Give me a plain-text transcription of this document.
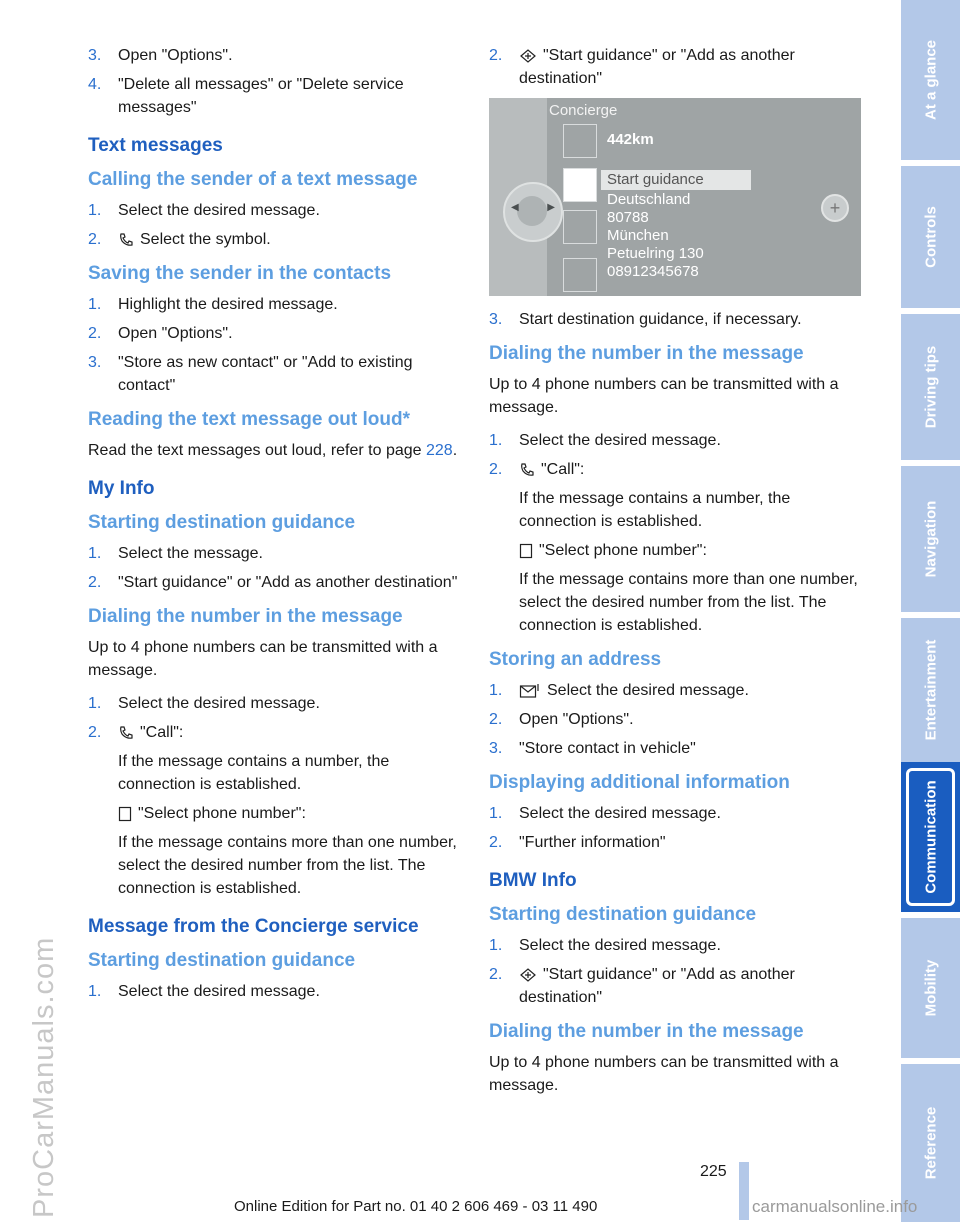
3. Open "Options".
4. "Delete all messages" or "Delete service messages"
Text messages
Calling the sender of a text message
1. Select the desired message.
2. Select the symbol.
Saving the sender in the contacts
1. Highlight the desired message.
2. Open "Options".
3. "Store as new contact" or "Add to existing contact"
Reading the text message out loud*
Read the text messages out loud, refer to page 228.
My Info
Starting destination guidance
1. Select the message.
2. "Start guidance" or "Add as another destination"
Dialing the number in the message
Up to 4 phone numbers can be transmitted with a message.
1. Select the desired message.
2. "Call":
If the message contains a number, the connection is established.
"Select phone number":
If the message contains more than one number, select the desired number from the list. The connection is established.
Message from the Concierge service
Starting destination guidance
1. Select the desired message.
2.	"Start guidance" or "Add as another destination"
◀	▶
Concierge
442km
Start guidance
Deutschland
80788
München
Petuelring 130
08912345678
+
3. Start destination guidance, if necessary.
Dialing the number in the message
Up to 4 phone numbers can be transmitted with a message.
1. Select the desired message.
2. "Call":
If the message contains a number, the connection is established.
"Select phone number":
If the message contains more than one number, select the desired number from the list. The connection is established.
Storing an address
1.	Select the desired message.
2. Open "Options".
3. "Store contact in vehicle"
Displaying additional information
1. Select the desired message.
2. "Further information"
BMW Info
Starting destination guidance
1. Select the desired message.
2.	"Start guidance" or "Add as another destination"
Dialing the number in the message
Up to 4 phone numbers can be transmitted with a message.
At a glance
Controls
Driving tips
Navigation
Entertainment
Communication
Mobility
Reference
ProCarManuals.com	225
Online Edition for Part no. 01 40 2 606 469 - 03 11 490	carmanualsonline.info
